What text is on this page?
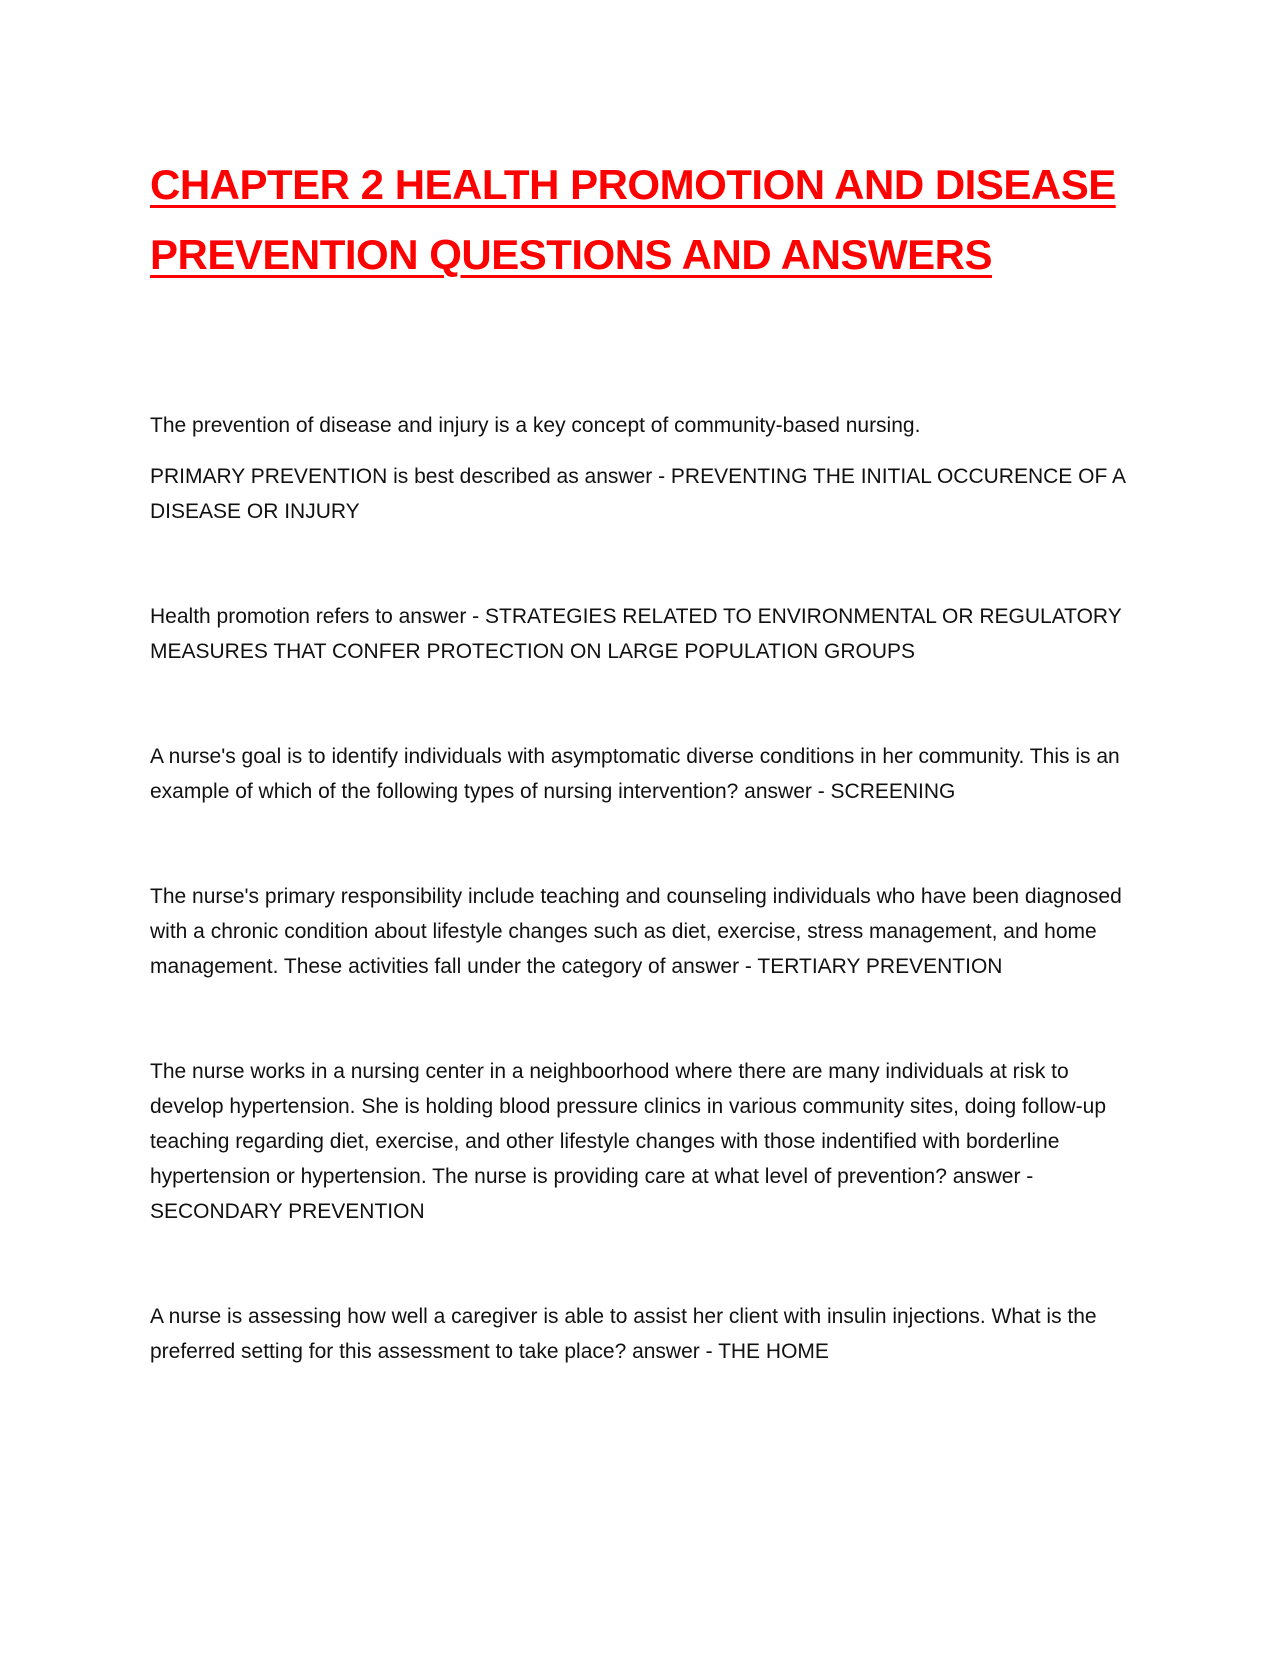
CHAPTER 2 HEALTH PROMOTION AND DISEASE PREVENTION QUESTIONS AND ANSWERS

The prevention of disease and injury is a key concept of community-based nursing.

PRIMARY PREVENTION is best described as answer - PREVENTING THE INITIAL OCCURENCE OF A DISEASE OR INJURY

Health promotion refers to answer - STRATEGIES RELATED TO ENVIRONMENTAL OR REGULATORY MEASURES THAT CONFER PROTECTION ON LARGE POPULATION GROUPS

A nurse's goal is to identify individuals with asymptomatic diverse conditions in her community. This is an example of which of the following types of nursing intervention? answer - SCREENING

The nurse's primary responsibility include teaching and counseling individuals who have been diagnosed with a chronic condition about lifestyle changes such as diet, exercise, stress management, and home management. These activities fall under the category of answer - TERTIARY PREVENTION

The nurse works in a nursing center in a neighboorhood where there are many individuals at risk to develop hypertension. She is holding blood pressure clinics in various community sites, doing follow-up teaching regarding diet, exercise, and other lifestyle changes with those indentified with borderline hypertension or hypertension. The nurse is providing care at what level of prevention? answer - SECONDARY PREVENTION

A nurse is assessing how well a caregiver is able to assist her client with insulin injections. What is the preferred setting for this assessment to take place? answer - THE HOME
